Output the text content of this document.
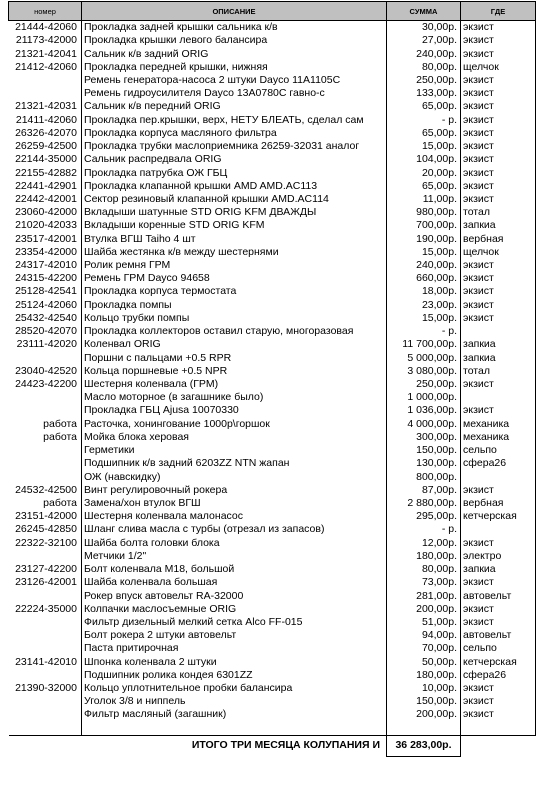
номер	ОПИСАНИЕ	СУММА	ГДЕ
21444-42060	Прокладка задней крышки сальника к/в	30,00р.	экзист
21173-42000	Прокладка крышки левого балансира	27,00р.	экзист
21321-42041	Сальник к/в задний ORIG	240,00р.	экзист
21412-42060	Прокладка передней крышки, нижняя	80,00р.	щелчок
	Ремень генератора-насоса 2 штуки Dayco 11A1105C	250,00р.	экзист
	Ремень гидроусилителя Dayco 13A0780C гавно-с	133,00р.	экзист
21321-42031	Сальник к/в передний ORIG	65,00р.	экзист
21411-42060	Прокладка пер.крышки, верх, НЕТУ БЛЕАТЬ, сделал сам	- р.	экзист
26326-42070	Прокладка корпуса масляного фильтра	65,00р.	экзист
26259-42500	Прокладка трубки маслоприемника 26259-32031 аналог	15,00р.	экзист
22144-35000	Сальник распредвала ORIG	104,00р.	экзист
22155-42882	Прокладка патрубка ОЖ ГБЦ	20,00р.	экзист
22441-42901	Прокладка клапанной крышки AMD AMD.AC113	65,00р.	экзист
22442-42001	Сектор резиновый клапанной крышки AMD.AC114	11,00р.	экзист
23060-42000	Вкладыши шатунные STD ORIG KFM ДВАЖДЫ	980,00р.	тотал
21020-42033	Вкладыши коренные STD ORIG KFM	700,00р.	запкиа
23517-42001	Втулка ВГШ Taiho 4 шт	190,00р.	вербная
23354-42000	Шайба жестянка к/в между шестернями	15,00р.	щелчок
24317-42010	Ролик ремня ГРМ	240,00р.	экзист
24315-42200	Ремень ГРМ Dayco 94658	660,00р.	экзист
25128-42541	Прокладка корпуса термостата	18,00р.	экзист
25124-42060	Прокладка помпы	23,00р.	экзист
25432-42540	Кольцо трубки помпы	15,00р.	экзист
28520-42070	Прокладка коллекторов оставил старую, многоразовая	- р.	
23111-42020	Коленвал ORIG	11 700,00р.	запкиа
	Поршни с пальцами +0.5 RPR	5 000,00р.	запкиа
23040-42520	Кольца поршневые +0.5 NPR	3 080,00р.	тотал
24423-42200	Шестерня коленвала (ГРМ)	250,00р.	экзист
	Масло моторное (в загашнике было)	1 000,00р.	
	Прокладка ГБЦ Ajusa 10070330	1 036,00р.	экзист
работа	Расточка, хонингование 1000р\горшок	4 000,00р.	механика
работа	Мойка блока херовая	300,00р.	механика
	Герметики	150,00р.	сельпо
	Подшипник к/в задний 6203ZZ NTN жапан	130,00р.	сфера26
	ОЖ (навскидку)	800,00р.	
24532-42500	Винт регулировочный рокера	87,00р.	экзист
работа	Замена/хон втулок ВГШ	2 880,00р.	вербная
23151-42000	Шестерня коленвала малонасос	295,00р.	кетчерская
26245-42850	Шланг слива масла с турбы (отрезал из запасов)	- р.	
22322-32100	Шайба болта головки блока	12,00р.	экзист
	Метчики 1/2"	180,00р.	электро
23127-42200	Болт коленвала M18, большой	80,00р.	запкиа
23126-42001	Шайба коленвала большая	73,00р.	экзист
	Рокер впуск автовельт RA-32000	281,00р.	автовельт
22224-35000	Колпачки маслосъемные ORIG	200,00р.	экзист
	Фильтр дизельный мелкий сетка Alco FF-015	51,00р.	экзист
	Болт рокера 2 штуки автовельт	94,00р.	автовельт
	Паста притирочная	70,00р.	сельпо
23141-42010	Шпонка коленвала 2 штуки	50,00р.	кетчерская
	Подшипник ролика кондея 6301ZZ	180,00р.	сфера26
21390-32000	Кольцо уплотнительное пробки балансира	10,00р.	экзист
	Уголок 3/8 и ниппель	150,00р.	экзист
	Фильтр масляный (загашник)	200,00р.	экзист

	ИТОГО ТРИ МЕСЯЦА КОЛУПАНИЯ И	36 283,00р.	
